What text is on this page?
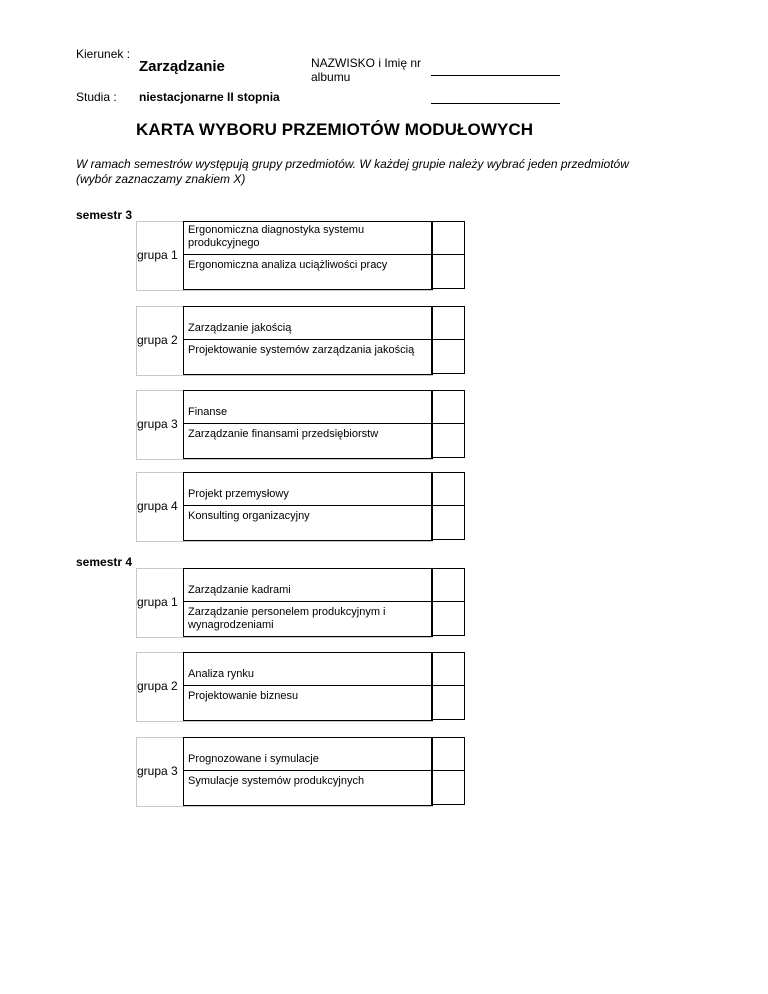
Kierunek :
Zarządzanie
Studia : niestacjonarne II stopnia
NAZWISKO i Imię nr albumu
KARTA WYBORU PRZEMIOTÓW MODUŁOWYCH
W ramach semestrów występują grupy przedmiotów. W każdej grupie należy wybrać jeden przedmiotów (wybór zaznaczamy znakiem X)
semestr 3
grupa 1
Ergonomiczna diagnostyka systemu produkcyjnego
Ergonomiczna analiza uciążliwości pracy
grupa 2
Zarządzanie jakością
Projektowanie systemów zarządzania jakością
grupa 3
Finanse
Zarządzanie finansami przedsiębiorstw
grupa 4
Projekt przemysłowy
Konsulting organizacyjny
semestr 4
grupa 1
Zarządzanie kadrami
Zarządzanie personelem produkcyjnym i wynagrodzeniami
grupa 2
Analiza rynku
Projektowanie biznesu
grupa 3
Prognozowane i symulacje
Symulacje systemów produkcyjnych
